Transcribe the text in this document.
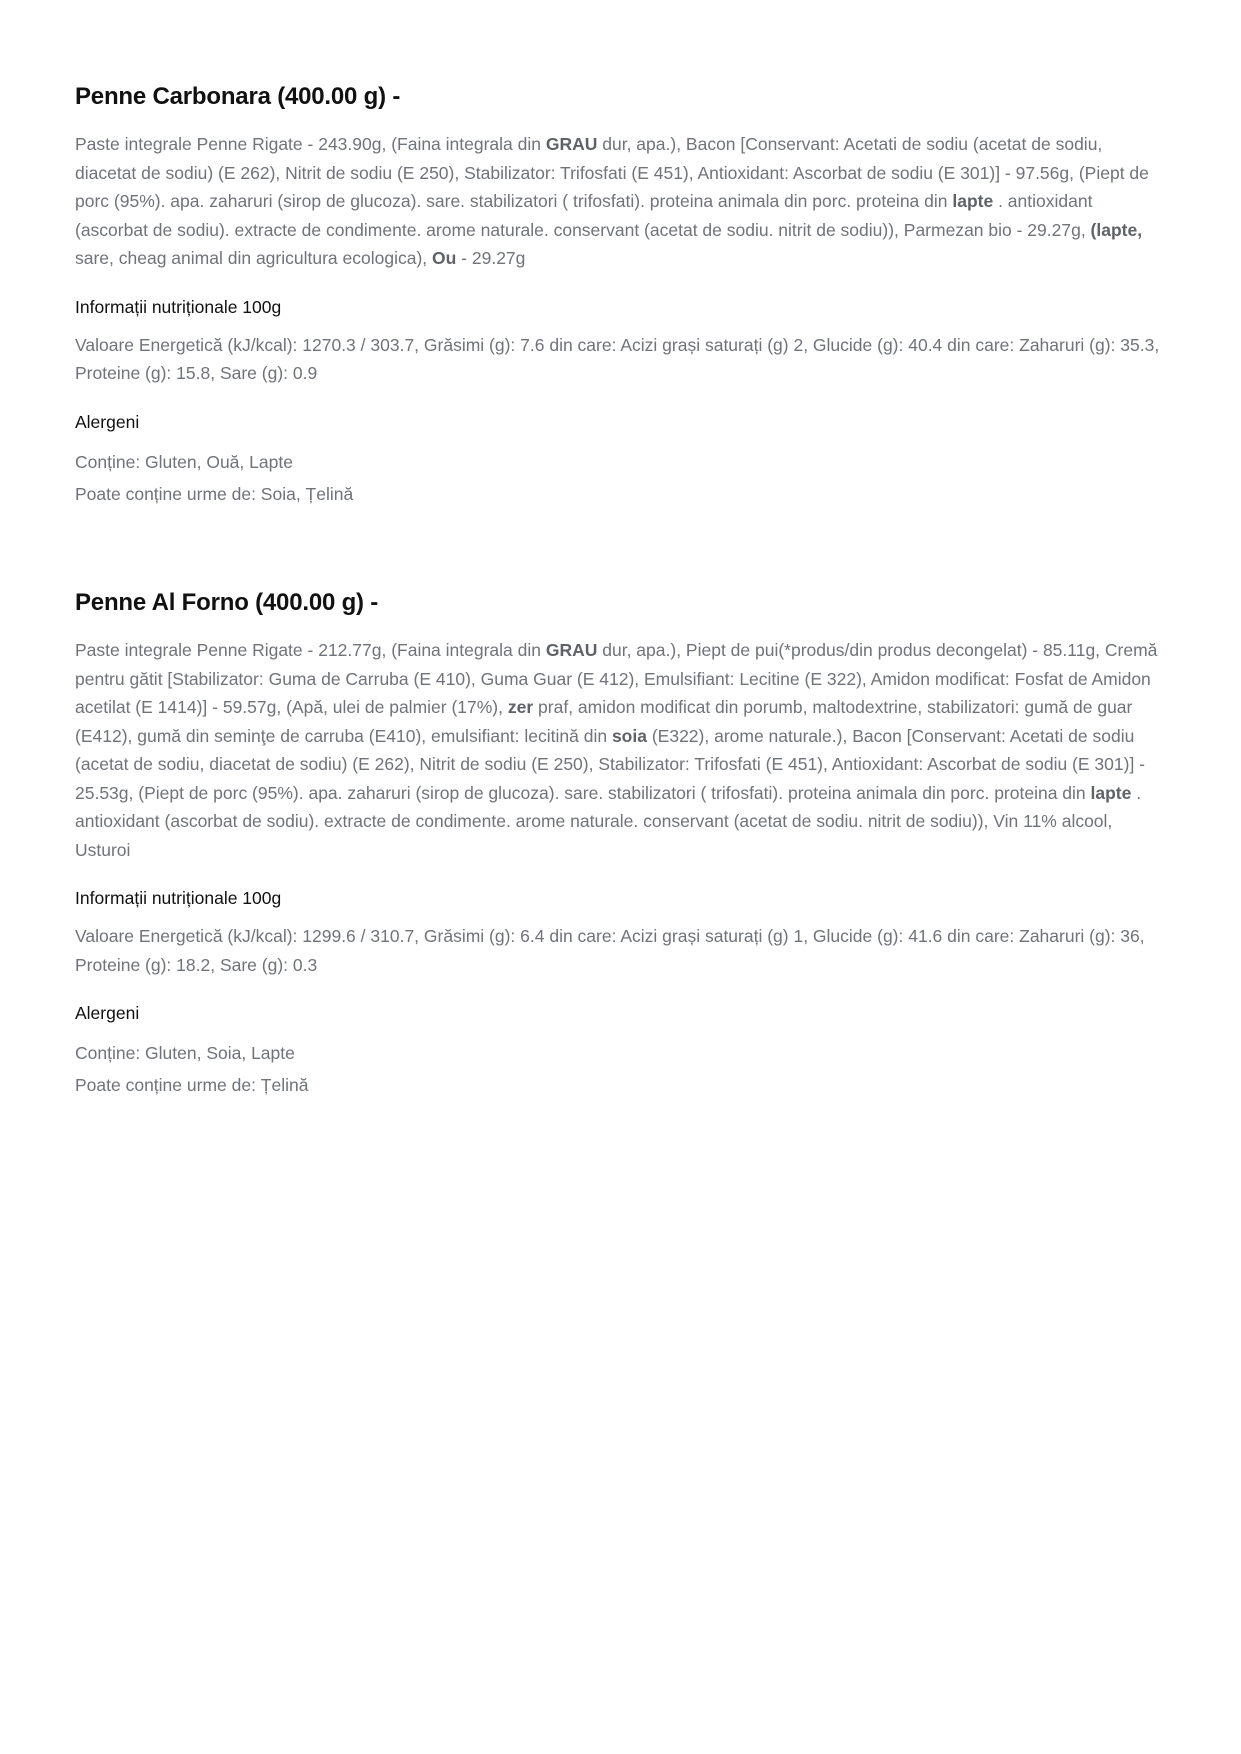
Penne Carbonara (400.00 g) -

Paste integrale Penne Rigate - 243.90g, (Faina integrala din GRAU dur, apa.), Bacon [Conservant: Acetati de sodiu (acetat de sodiu, diacetat de sodiu) (E 262), Nitrit de sodiu (E 250), Stabilizator: Trifosfati (E 451), Antioxidant: Ascorbat de sodiu (E 301)] - 97.56g, (Piept de porc (95%). apa. zaharuri (sirop de glucoza). sare. stabilizatori ( trifosfati). proteina animala din porc. proteina din lapte . antioxidant (ascorbat de sodiu). extracte de condimente. arome naturale. conservant (acetat de sodiu. nitrit de sodiu)), Parmezan bio - 29.27g, (lapte, sare, cheag animal din agricultura ecologica), Ou - 29.27g

Informații nutriționale 100g

Valoare Energetică (kJ/kcal): 1270.3 / 303.7, Grăsimi (g): 7.6 din care: Acizi grași saturați (g) 2, Glucide (g): 40.4 din care: Zaharuri (g): 35.3, Proteine (g): 15.8, Sare (g): 0.9

Alergeni

Conține: Gluten, Ouă, Lapte

Poate conține urme de: Soia, Țelină

Penne Al Forno (400.00 g) -

Paste integrale Penne Rigate - 212.77g, (Faina integrala din GRAU dur, apa.), Piept de pui(*produs/din produs decongelat) - 85.11g, Cremă pentru gătit [Stabilizator: Guma de Carruba (E 410), Guma Guar (E 412), Emulsifiant: Lecitine (E 322), Amidon modificat: Fosfat de Amidon acetilat (E 1414)] - 59.57g, (Apă, ulei de palmier (17%), zer praf, amidon modificat din porumb, maltodextrine, stabilizatori: gumă de guar (E412), gumă din seminţe de carruba (E410), emulsifiant: lecitină din soia (E322), arome naturale.), Bacon [Conservant: Acetati de sodiu (acetat de sodiu, diacetat de sodiu) (E 262), Nitrit de sodiu (E 250), Stabilizator: Trifosfati (E 451), Antioxidant: Ascorbat de sodiu (E 301)] - 25.53g, (Piept de porc (95%). apa. zaharuri (sirop de glucoza). sare. stabilizatori ( trifosfati). proteina animala din porc. proteina din lapte . antioxidant (ascorbat de sodiu). extracte de condimente. arome naturale. conservant (acetat de sodiu. nitrit de sodiu)), Vin 11% alcool, Usturoi

Informații nutriționale 100g

Valoare Energetică (kJ/kcal): 1299.6 / 310.7, Grăsimi (g): 6.4 din care: Acizi grași saturați (g) 1, Glucide (g): 41.6 din care: Zaharuri (g): 36, Proteine (g): 18.2, Sare (g): 0.3

Alergeni

Conține: Gluten, Soia, Lapte

Poate conține urme de: Țelină
